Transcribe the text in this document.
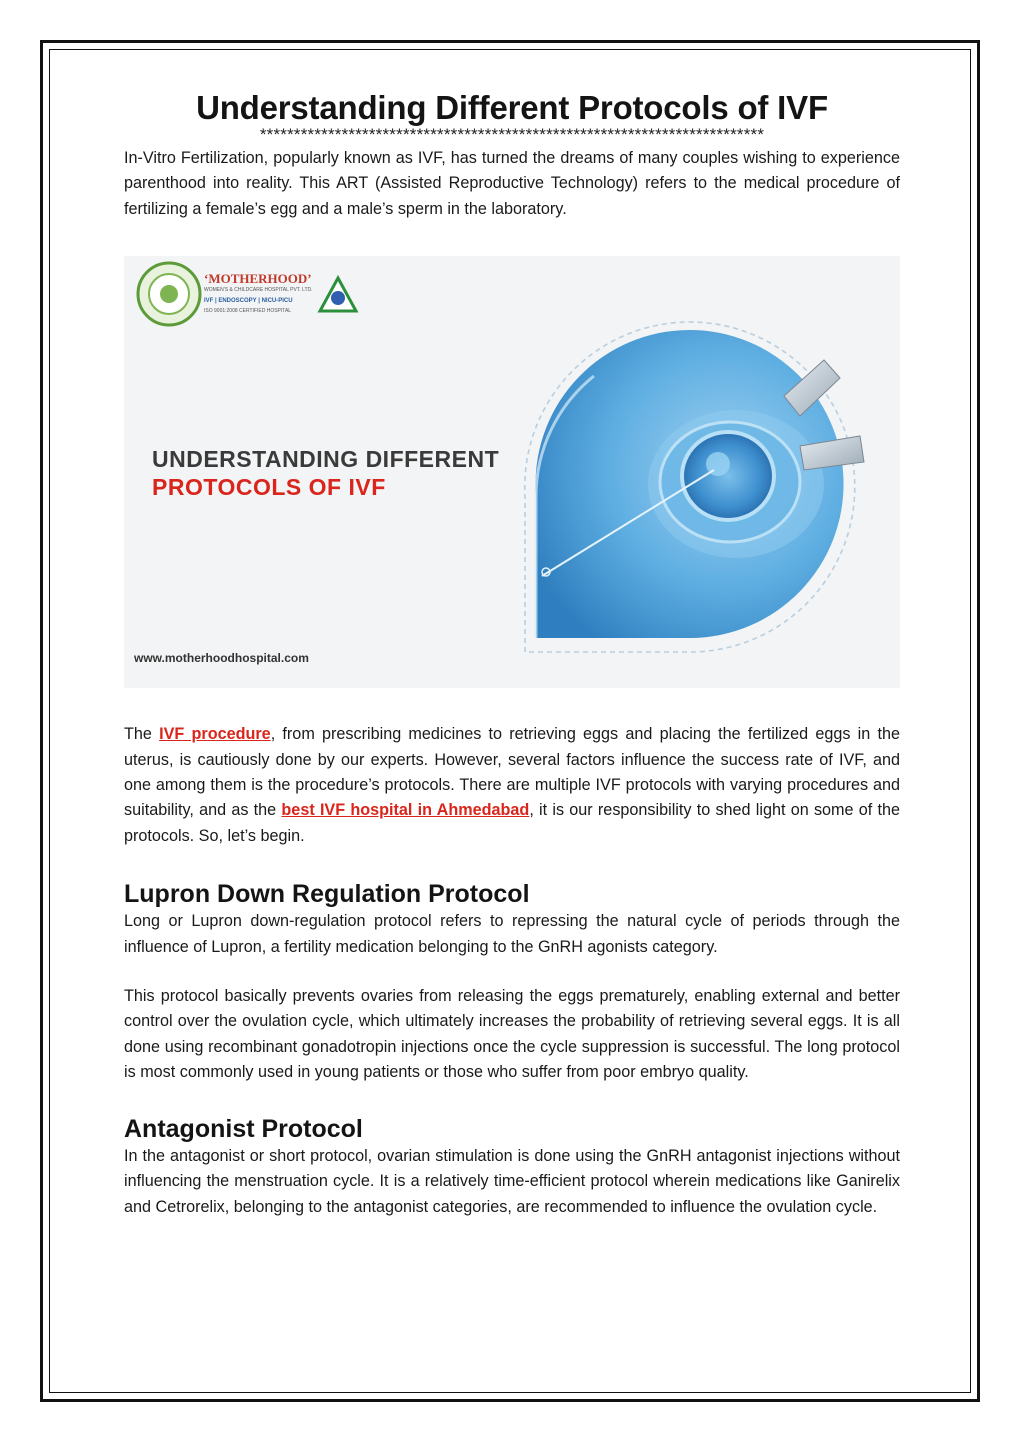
Understanding Different Protocols of IVF
**************************************************************************

In-Vitro Fertilization, popularly known as IVF, has turned the dreams of many couples wishing to experience parenthood into reality. This ART (Assisted Reproductive Technology) refers to the medical procedure of fertilizing a female’s egg and a male’s sperm in the laboratory.

‘MOTHERHOOD’
WOMEN’S & CHILDCARE HOSPITAL PVT. LTD.
IVF | ENDOSCOPY | NICU-PICU
ISO 9001:2008 CERTIFIED HOSPITAL
UNDERSTANDING DIFFERENT
PROTOCOLS OF IVF
www.motherhoodhospital.com

The IVF procedure, from prescribing medicines to retrieving eggs and placing the fertilized eggs in the uterus, is cautiously done by our experts. However, several factors influence the success rate of IVF, and one among them is the procedure’s protocols. There are multiple IVF protocols with varying procedures and suitability, and as the best IVF hospital in Ahmedabad, it is our responsibility to shed light on some of the protocols. So, let’s begin.

Lupron Down Regulation Protocol

Long or Lupron down-regulation protocol refers to repressing the natural cycle of periods through the influence of Lupron, a fertility medication belonging to the GnRH agonists category.

This protocol basically prevents ovaries from releasing the eggs prematurely, enabling external and better control over the ovulation cycle, which ultimately increases the probability of retrieving several eggs. It is all done using recombinant gonadotropin injections once the cycle suppression is successful. The long protocol is most commonly used in young patients or those who suffer from poor embryo quality.

Antagonist Protocol

In the antagonist or short protocol, ovarian stimulation is done using the GnRH antagonist injections without influencing the menstruation cycle. It is a relatively time-efficient protocol wherein medications like Ganirelix and Cetrorelix, belonging to the antagonist categories, are recommended to influence the ovulation cycle.
